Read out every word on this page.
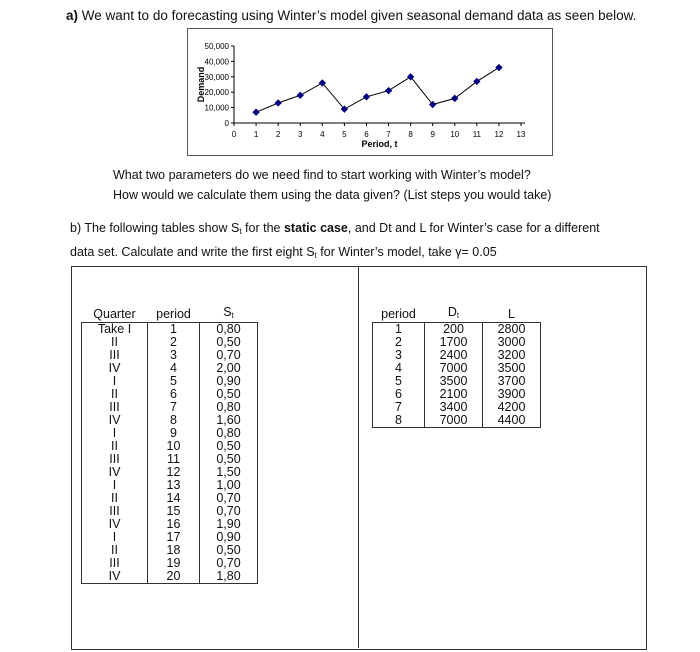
a) We want to do forecasting using Winter’s model given seasonal demand data as seen below.
0
10,000
20,000
30,000
40,000
50,000
0 1 2 3 4 5 6 7 8 9 10 11 12 13
Period, t
Demand
What two parameters do we need find to start working with Winter’s model?
How would we calculate them using the data given? (List steps you would take)
b) The following tables show $S_t$ for the static case, and Dt and L for Winter’s case for a different
data set. Calculate and write the first eight $S_t$ for Winter’s model, take γ= 0.05
Quarter	period	$S_t$
Take I	1	0,80
II	2	0,50
III	3	0,70
IV	4	2,00
I	5	0,90
II	6	0,50
III	7	0,80
IV	8	1,60
I	9	0,80
II	10	0,50
III	11	0,50
IV	12	1,50
I	13	1,00
II	14	0,70
III	15	0,70
IV	16	1,90
I	17	0,90
II	18	0,50
III	19	0,70
IV	20	1,80
period	$D_t$	L
1	200	2800
2	1700	3000
3	2400	3200
4	7000	3500
5	3500	3700
6	2100	3900
7	3400	4200
8	7000	4400
